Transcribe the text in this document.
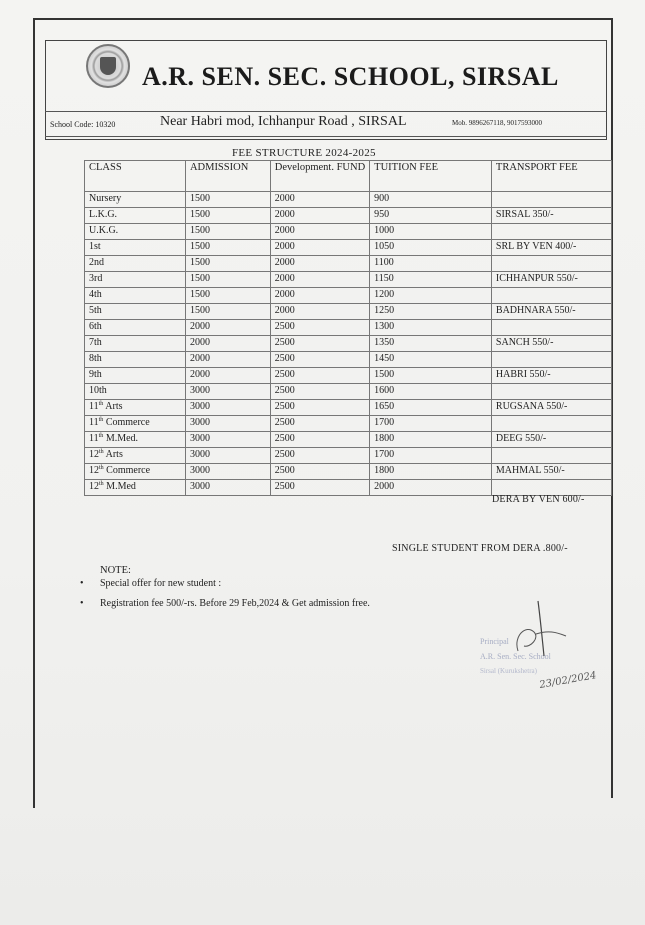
A.R. SEN. SEC. SCHOOL, SIRSAL
School Code: 10320	Near Habri mod, Ichhanpur Road , SIRSAL	Mob. 9896267118, 9017593000
FEE STRUCTURE 2024-2025
CLASS	ADMISSION	Development. FUND	TUITION FEE	TRANSPORT FEE
Nursery	1500	2000	900	
L.K.G.	1500	2000	950	SIRSAL 350/-
U.K.G.	1500	2000	1000	
1st	1500	2000	1050	SRL BY VEN 400/-
2nd	1500	2000	1100	
3rd	1500	2000	1150	ICHHANPUR 550/-
4th	1500	2000	1200	
5th	1500	2000	1250	BADHNARA 550/-
6th	2000	2500	1300	
7th	2000	2500	1350	SANCH 550/-
8th	2000	2500	1450	
9th	2000	2500	1500	HABRI 550/-
10th	3000	2500	1600	
11th Arts	3000	2500	1650	RUGSANA 550/-
11th Commerce	3000	2500	1700	
11th M.Med.	3000	2500	1800	DEEG 550/-
12th Arts	3000	2500	1700	
12th Commerce	3000	2500	1800	MAHMAL 550/-
12th M.Med	3000	2500	2000	
DERA BY VEN 600/-
SINGLE STUDENT FROM DERA .800/-
NOTE:
• Special offer for new student :
• Registration fee 500/-rs. Before 29 Feb,2024 & Get admission free.
Principal
A.R. Sen. Sec. School
Sirsal (Kurukshetra) 23/02/2024
